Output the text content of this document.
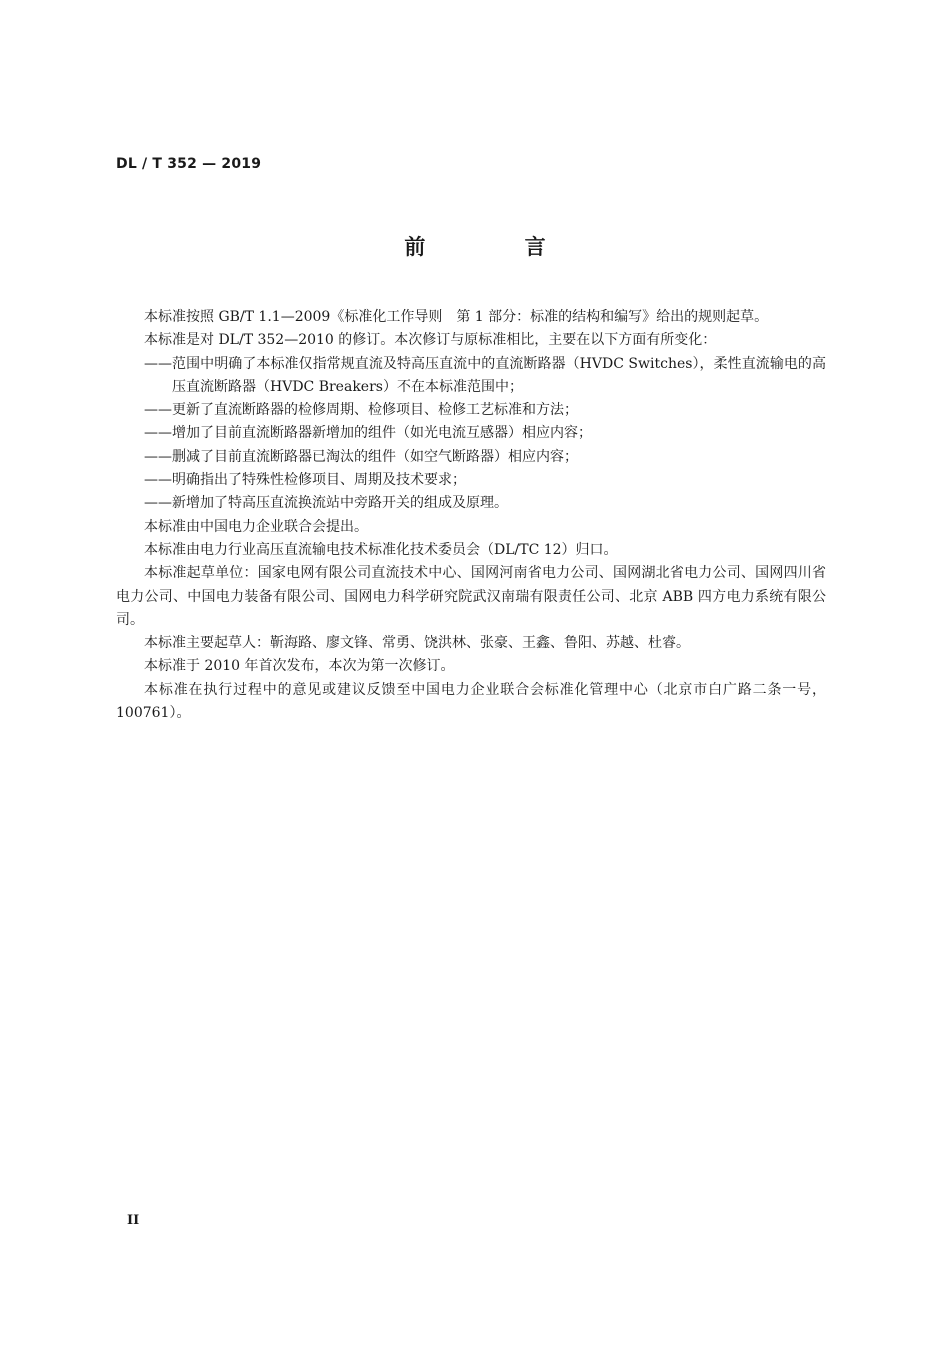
DL / T 352 — 2019
前 言

本标准按照 GB/T 1.1—2009《标准化工作导则　第 1 部分：标准的结构和编写》给出的规则起草。

本标准是对 DL/T 352—2010 的修订。本次修订与原标准相比，主要在以下方面有所变化：

——范围中明确了本标准仅指常规直流及特高压直流中的直流断路器（HVDC Switches），柔性直流输电的高压直流断路器（HVDC Breakers）不在本标准范围中；

——更新了直流断路器的检修周期、检修项目、检修工艺标准和方法；

——增加了目前直流断路器新增加的组件（如光电流互感器）相应内容；

——删减了目前直流断路器已淘汰的组件（如空气断路器）相应内容；

——明确指出了特殊性检修项目、周期及技术要求；

——新增加了特高压直流换流站中旁路开关的组成及原理。

本标准由中国电力企业联合会提出。

本标准由电力行业高压直流输电技术标准化技术委员会（DL/TC 12）归口。

本标准起草单位：国家电网有限公司直流技术中心、国网河南省电力公司、国网湖北省电力公司、国网四川省电力公司、中国电力装备有限公司、国网电力科学研究院武汉南瑞有限责任公司、北京 ABB 四方电力系统有限公司。

本标准主要起草人：靳海路、廖文锋、常勇、饶洪林、张豪、王鑫、鲁阳、苏越、杜睿。

本标准于 2010 年首次发布，本次为第一次修订。

本标准在执行过程中的意见或建议反馈至中国电力企业联合会标准化管理中心（北京市白广路二条一号，100761）。

II
